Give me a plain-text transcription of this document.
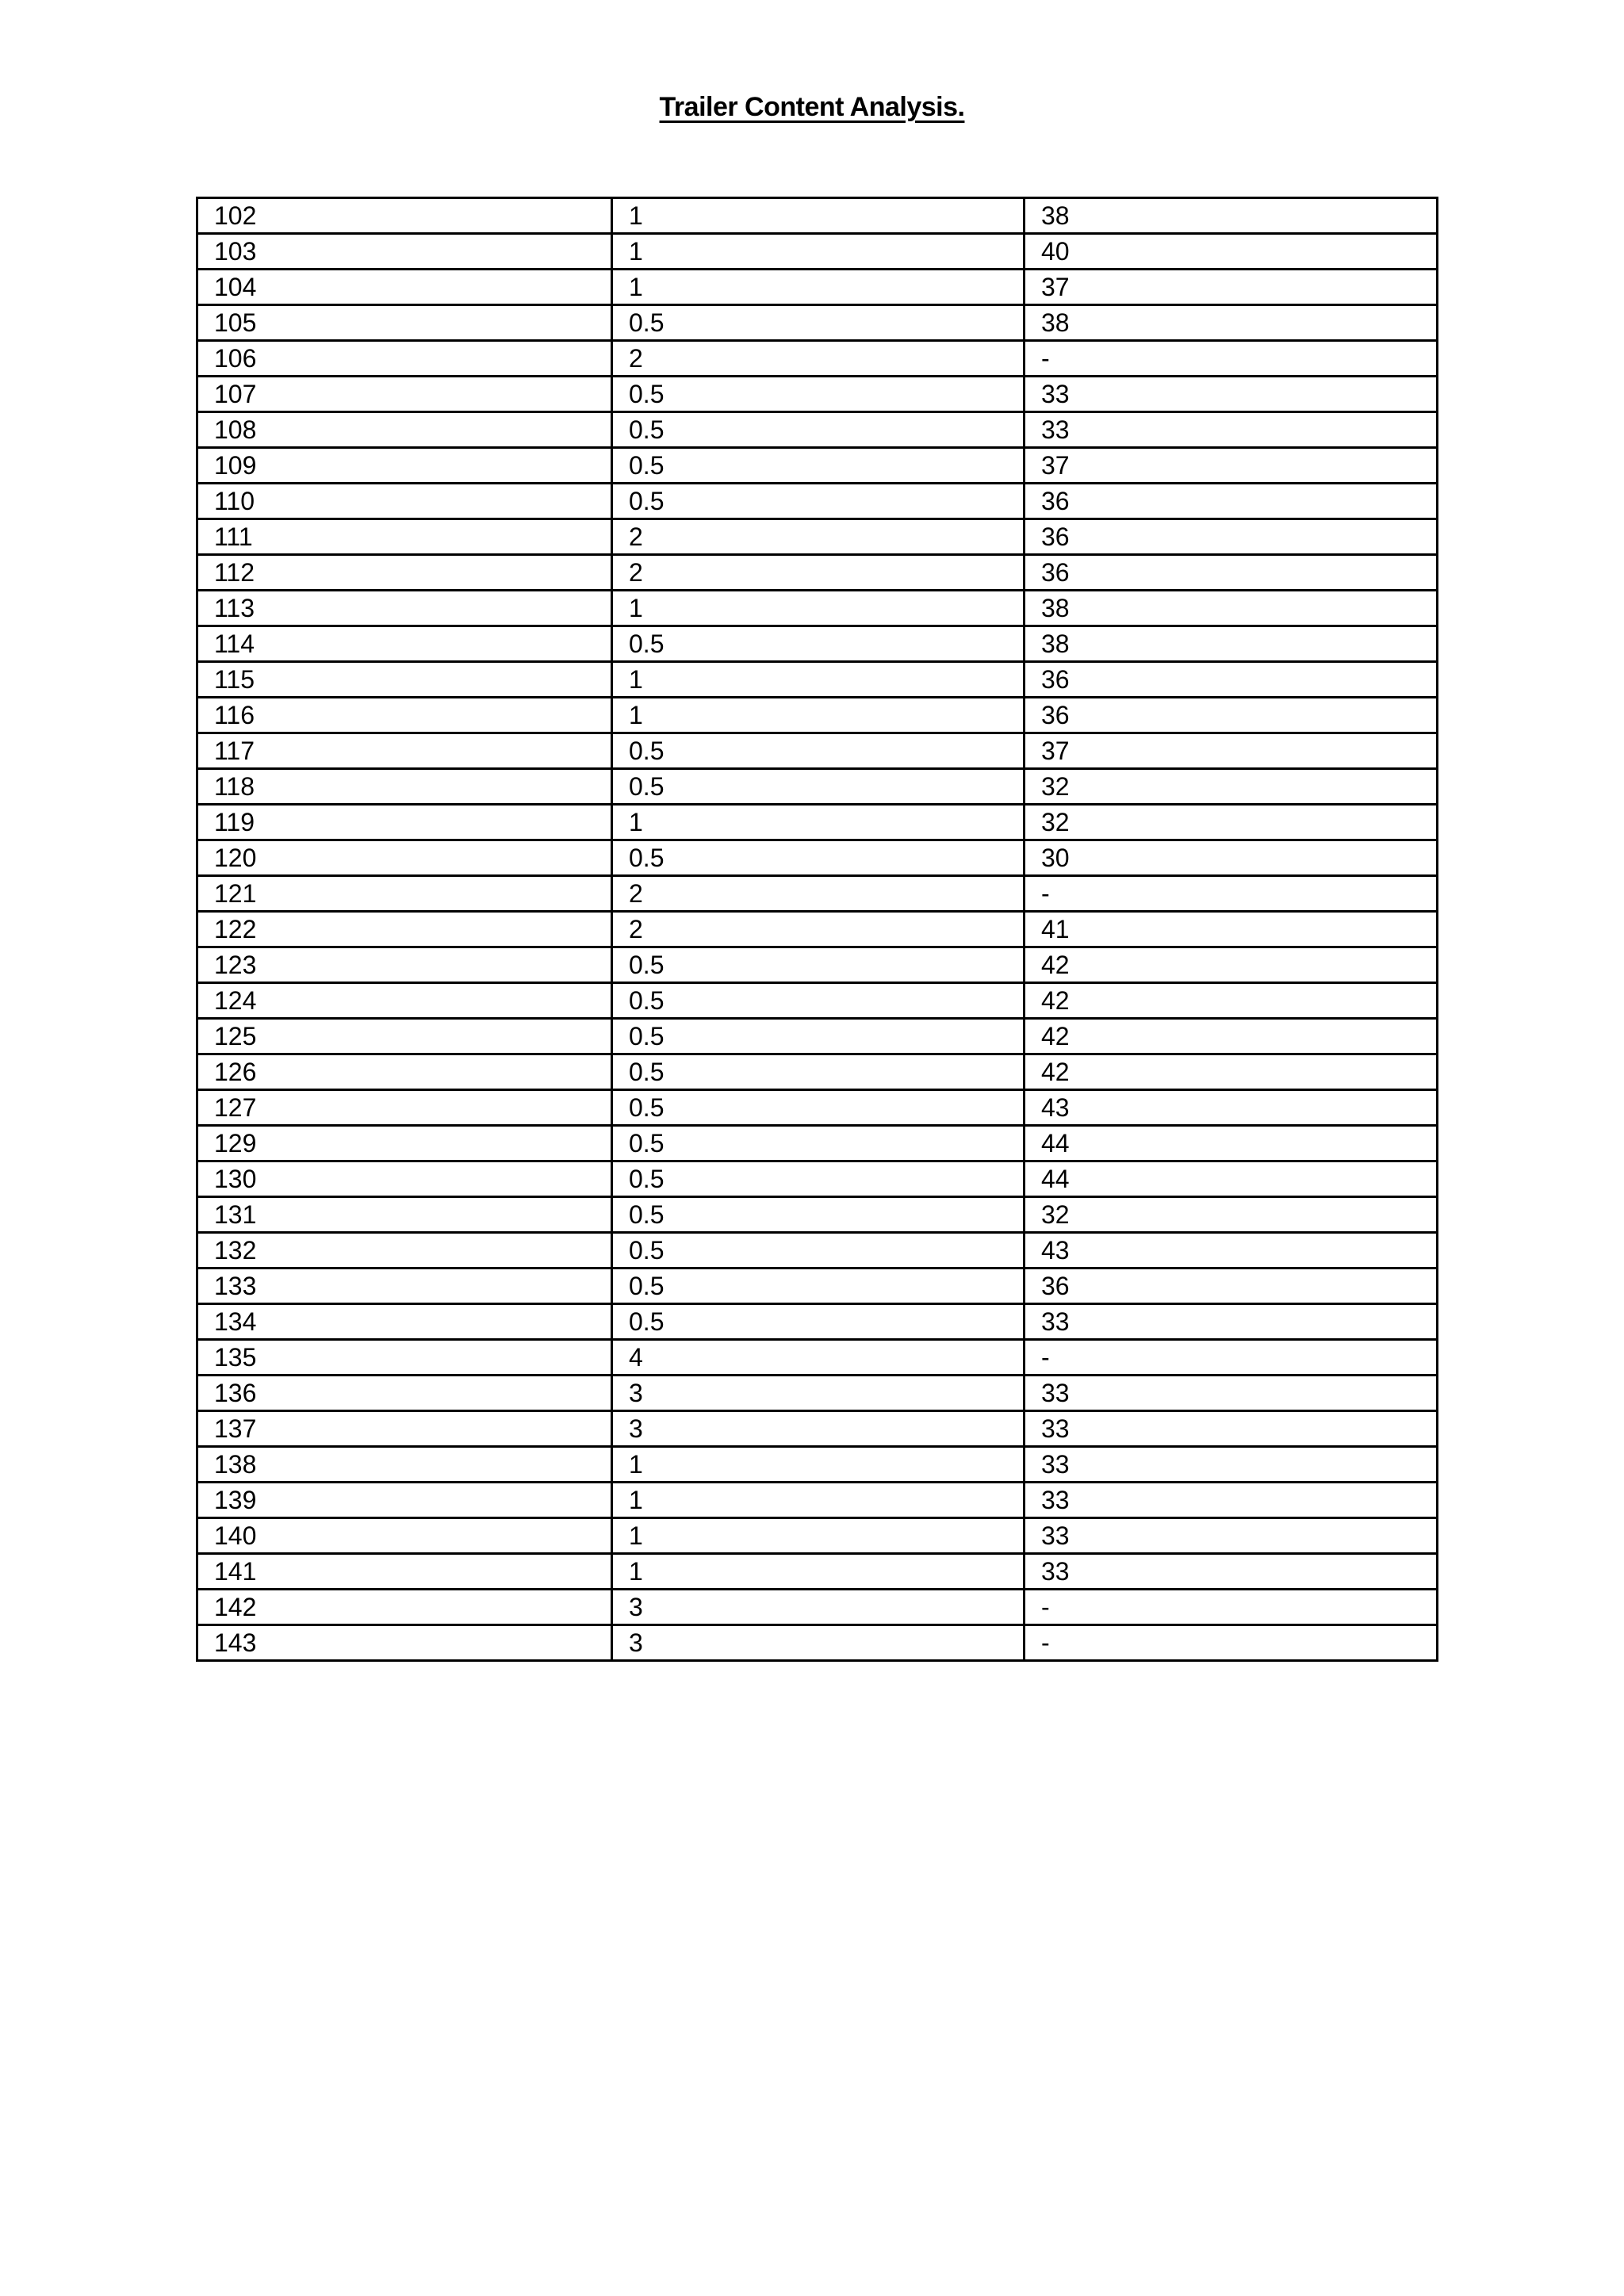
Trailer Content Analysis.
102	1	38
103	1	40
104	1	37
105	0.5	38
106	2	-
107	0.5	33
108	0.5	33
109	0.5	37
110	0.5	36
111	2	36
112	2	36
113	1	38
114	0.5	38
115	1	36
116	1	36
117	0.5	37
118	0.5	32
119	1	32
120	0.5	30
121	2	-
122	2	41
123	0.5	42
124	0.5	42
125	0.5	42
126	0.5	42
127	0.5	43
129	0.5	44
130	0.5	44
131	0.5	32
132	0.5	43
133	0.5	36
134	0.5	33
135	4	-
136	3	33
137	3	33
138	1	33
139	1	33
140	1	33
141	1	33
142	3	-
143	3	-
